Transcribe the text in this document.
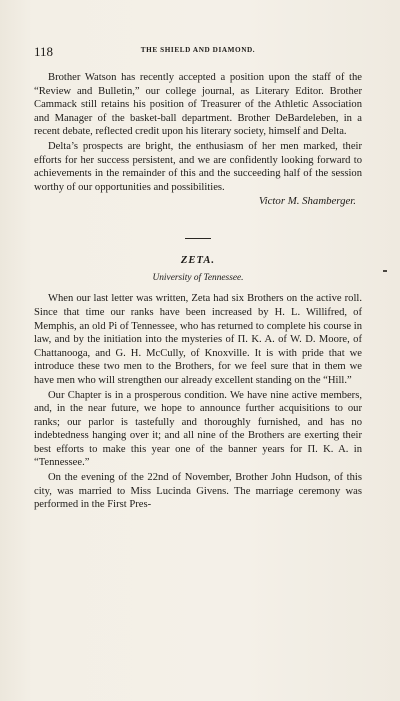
118	THE SHIELD AND DIAMOND.

Brother Watson has recently accepted a position upon the staff of the “Review and Bulletin,” our college journal, as Literary Editor. Brother Cammack still retains his position of Treasurer of the Athletic Association and Manager of the basket-ball department. Brother DeBardeleben, in a recent debate, reflected credit upon his literary society, himself and Delta.

Delta’s prospects are bright, the enthusiasm of her men marked, their efforts for her success persistent, and we are confidently looking forward to achievements in the remainder of this and the succeeding half of the session worthy of our opportunities and possibilities.

Victor M. Shamberger.
ZETA.
University of Tennessee.

When our last letter was written, Zeta had six Brothers on the active roll. Since that time our ranks have been increased by H. L. Willifred, of Memphis, an old Pi of Tennessee, who has returned to complete his course in law, and by the initiation into the mysteries of Π. K. A. of W. D. Moore, of Chattanooga, and G. H. McCully, of Knoxville. It is with pride that we introduce these two men to the Brothers, for we feel sure that in them we have men who will strengthen our already excellent standing on the “Hill.”

Our Chapter is in a prosperous condition. We have nine active members, and, in the near future, we hope to announce further acquisitions to our ranks; our parlor is tastefully and thoroughly furnished, and has no indebtedness hanging over it; and all nine of the Brothers are exerting their best efforts to make this year one of the banner years for Π. K. A. in “Tennessee.”

On the evening of the 22nd of November, Brother John Hudson, of this city, was married to Miss Lucinda Givens. The marriage ceremony was performed in the First Pres-
